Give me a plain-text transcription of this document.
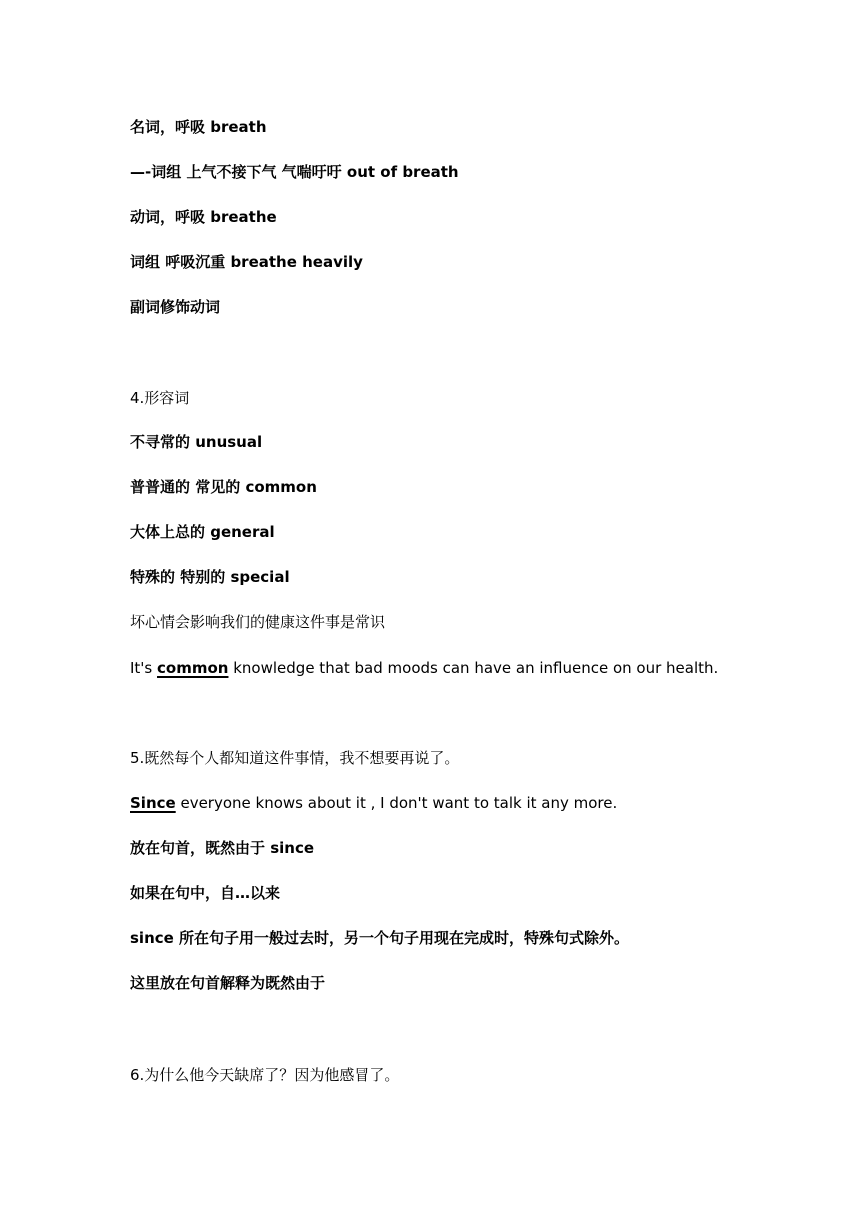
名词，呼吸 breath
—-词组 上气不接下气 气喘吁吁 out of breath
动词，呼吸 breathe
词组 呼吸沉重 breathe heavily
副词修饰动词
4.形容词
不寻常的 unusual
普普通的 常见的 common
大体上总的 general
特殊的 特别的 special
坏心情会影响我们的健康这件事是常识
It's common knowledge that bad moods can have an influence on our health.
5.既然每个人都知道这件事情，我不想要再说了。
Since everyone knows about it , I don't want to talk it any more.
放在句首，既然由于 since
如果在句中，自…以来
since 所在句子用一般过去时，另一个句子用现在完成时，特殊句式除外。
这里放在句首解释为既然由于
6.为什么他今天缺席了？因为他感冒了。
